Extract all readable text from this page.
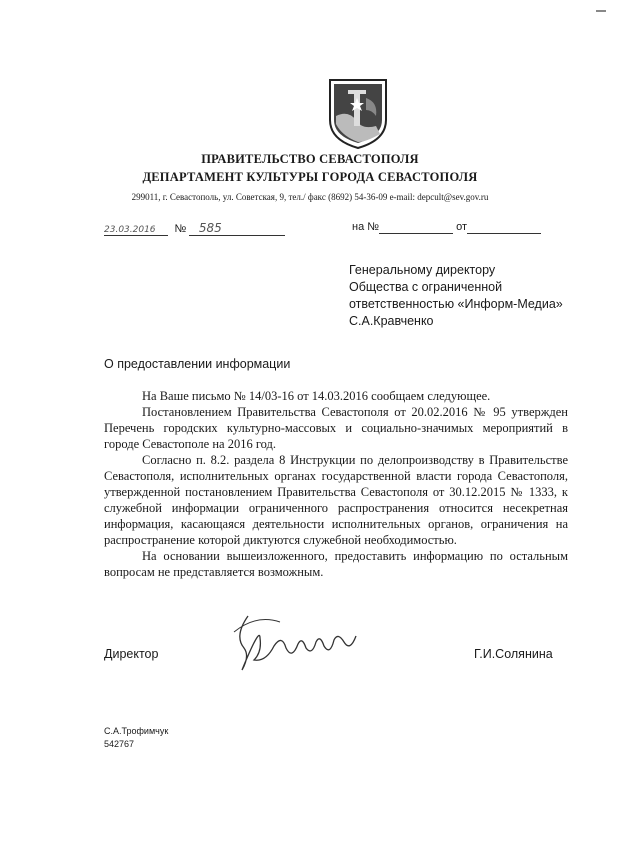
ПРАВИТЕЛЬСТВО СЕВАСТОПОЛЯ
ДЕПАРТАМЕНТ КУЛЬТУРЫ ГОРОДА СЕВАСТОПОЛЯ
299011, г. Севастополь, ул. Советская, 9, тел./ факс (8692) 54-36-09 e-mail: depcult@sev.gov.ru
23.03.2016 № 585	на №	от
Генеральному директору
Общества с ограниченной
ответственностью «Информ-Медиа»
С.А.Кравченко
О предоставлении информации

На Ваше письмо № 14/03-16 от 14.03.2016 сообщаем следующее.

Постановлением Правительства Севастополя от 20.02.2016 № 95 утвержден Перечень городских культурно-массовых и социально-значимых мероприятий в городе Севастополе на 2016 год.

Согласно п. 8.2. раздела 8 Инструкции по делопроизводству в Правительстве Севастополя, исполнительных органах государственной власти города Севастополя, утвержденной постановлением Правительства Севастополя от 30.12.2015 № 1333, к служебной информации ограниченного распространения относится несекретная информация, касающаяся деятельности исполнительных органов, ограничения на распространение которой диктуются служебной необходимостью.

На основании вышеизложенного, предоставить информацию по остальным вопросам не представляется возможным.

Директор	Г.И.Солянина
С.А.Трофимчук
542767
